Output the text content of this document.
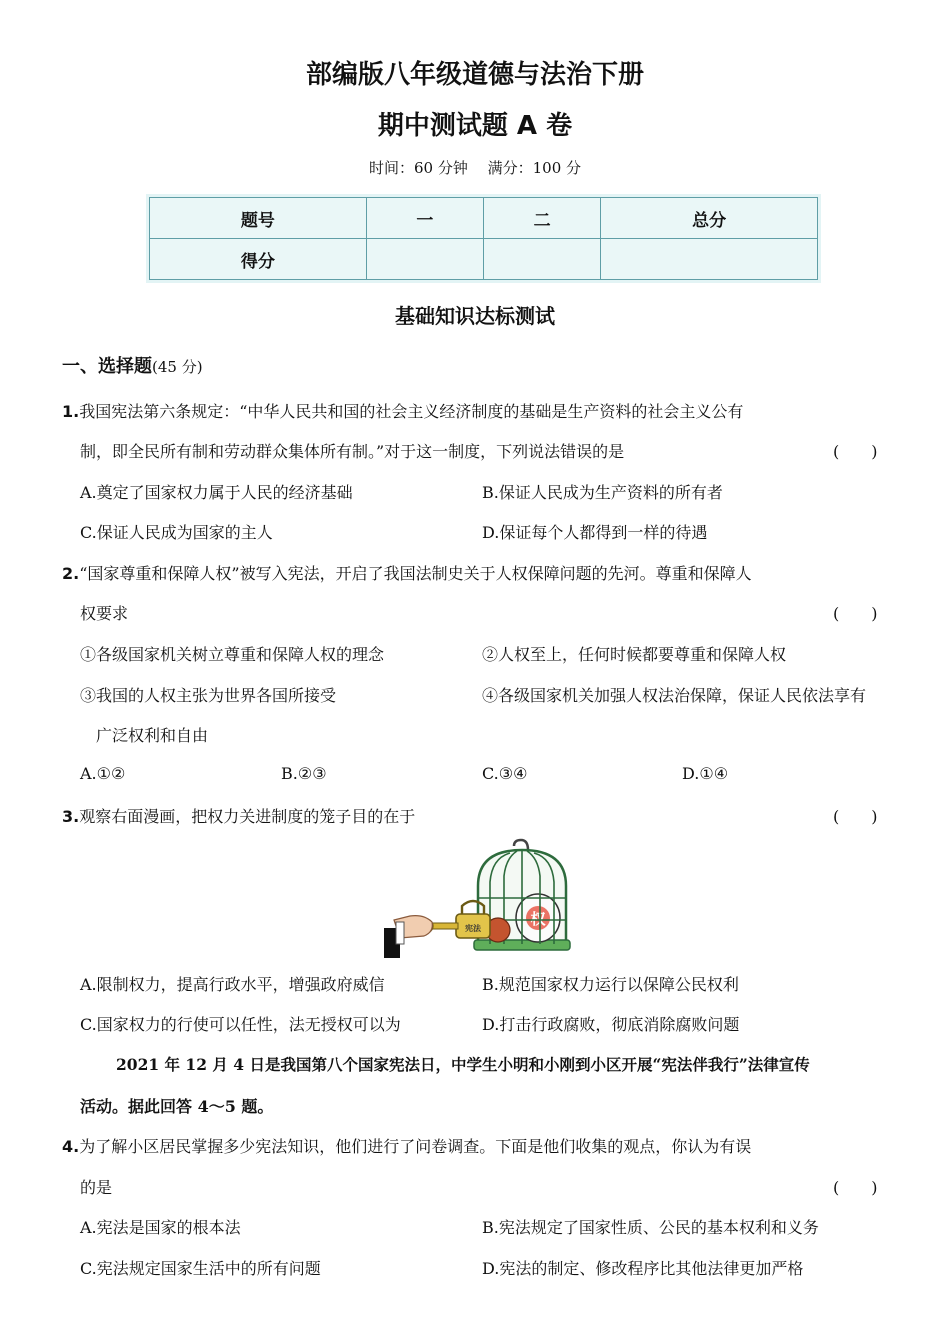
部编版八年级道德与法治下册
期中测试题 A 卷
时间：60 分钟　 满分：100 分
题号	一	二	总分
得分			
基础知识达标测试
一、选择题(45 分)
1.我国宪法第六条规定：“中华人民共和国的社会主义经济制度的基础是生产资料的社会主义公有
制，即全民所有制和劳动群众集体所有制。”对于这一制度，下列说法错误的是	(　　)
A.奠定了国家权力属于人民的经济基础	B.保证人民成为生产资料的所有者
C.保证人民成为国家的主人	D.保证每个人都得到一样的待遇
2.“国家尊重和保障人权”被写入宪法，开启了我国法制史关于人权保障问题的先河。尊重和保障人
权要求	(　　)
①各级国家机关树立尊重和保障人权的理念	②人权至上，任何时候都要尊重和保障人权
③我国的人权主张为世界各国所接受	④各级国家机关加强人权法治保障，保证人民依法享有
广泛权利和自由
A.①②	B.②③	C.③④	D.①④
3.观察右面漫画，把权力关进制度的笼子目的在于	(　　)
权
宪法
A.限制权力，提高行政水平，增强政府威信	B.规范国家权力运行以保障公民权利
C.国家权力的行使可以任性，法无授权可以为	D.打击行政腐败，彻底消除腐败问题
2021 年 12 月 4 日是我国第八个国家宪法日，中学生小明和小刚到小区开展“宪法伴我行”法律宣传
活动。据此回答 4～5 题。
4.为了解小区居民掌握多少宪法知识，他们进行了问卷调查。下面是他们收集的观点，你认为有误
的是	(　　)
A.宪法是国家的根本法	B.宪法规定了国家性质、公民的基本权利和义务
C.宪法规定国家生活中的所有问题	D.宪法的制定、修改程序比其他法律更加严格
